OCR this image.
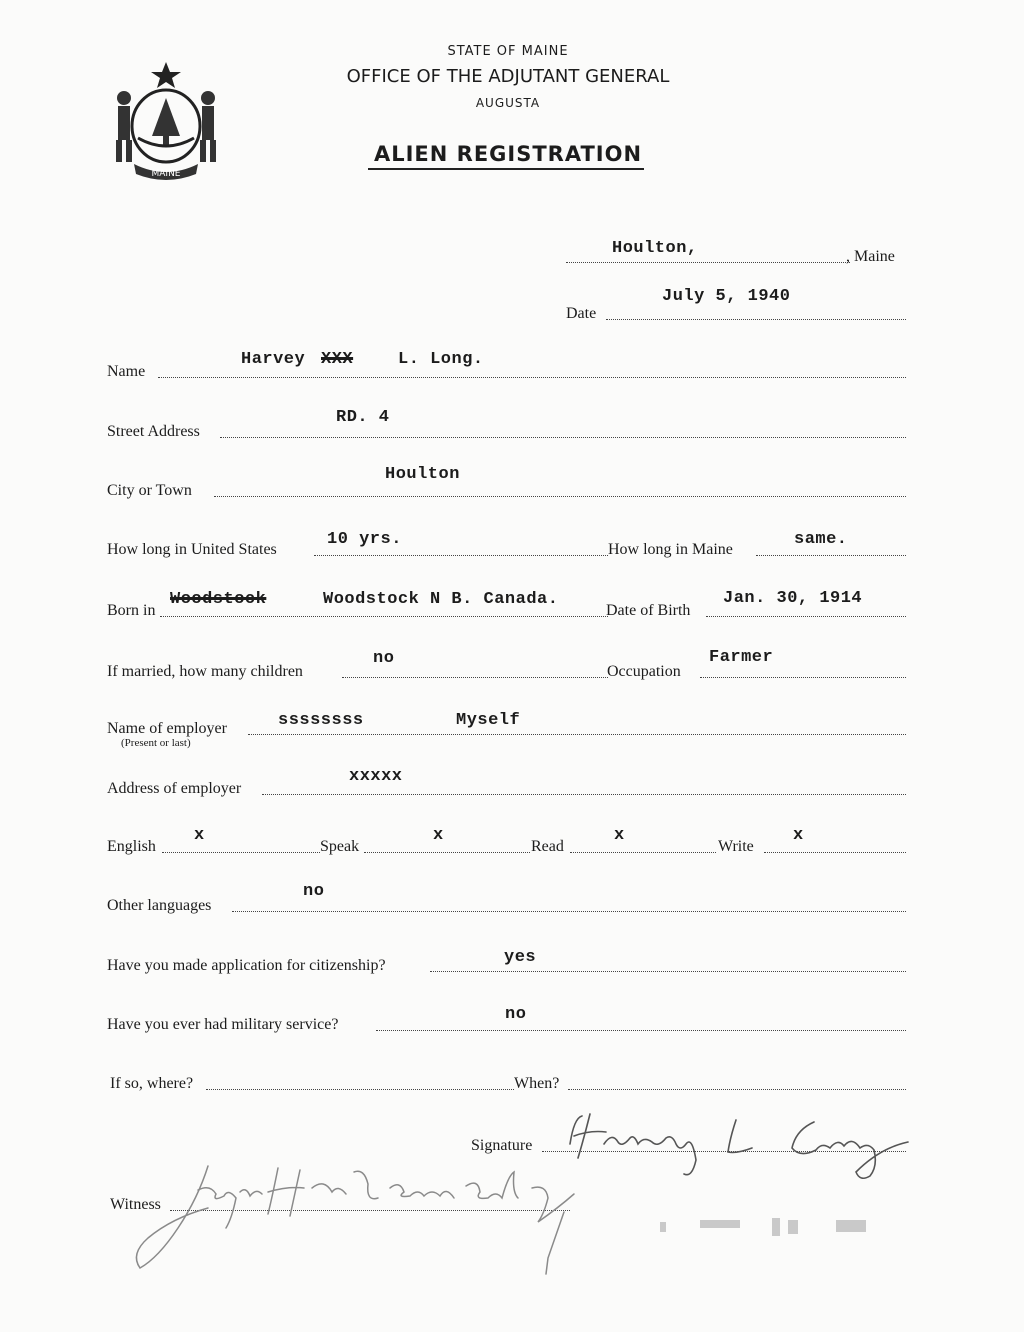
MAINE
STATE OF MAINE
OFFICE OF THE ADJUTANT GENERAL
AUGUSTA
ALIEN REGISTRATION
Houlton,	, Maine
Date
July 5, 1940
Name
Harvey XXX	L. Long.
Street Address
RD. 4
City or Town
Houlton
How long in United States
10 yrs.
How long in Maine
same.
Born in
Woodstock	Woodstock N B. Canada.
Date of Birth
Jan. 30, 1914
If married, how many children
no
Occupation
Farmer
Name of employer
(Present or last)
ssssssss	Myself
Address of employer
xxxxx
English
x
Speak
x
Read
x
Write
x
Other languages
no
Have you made application for citizenship?	yes
Have you ever had military service?
no
If so, where?	When?
Signature
Witness
